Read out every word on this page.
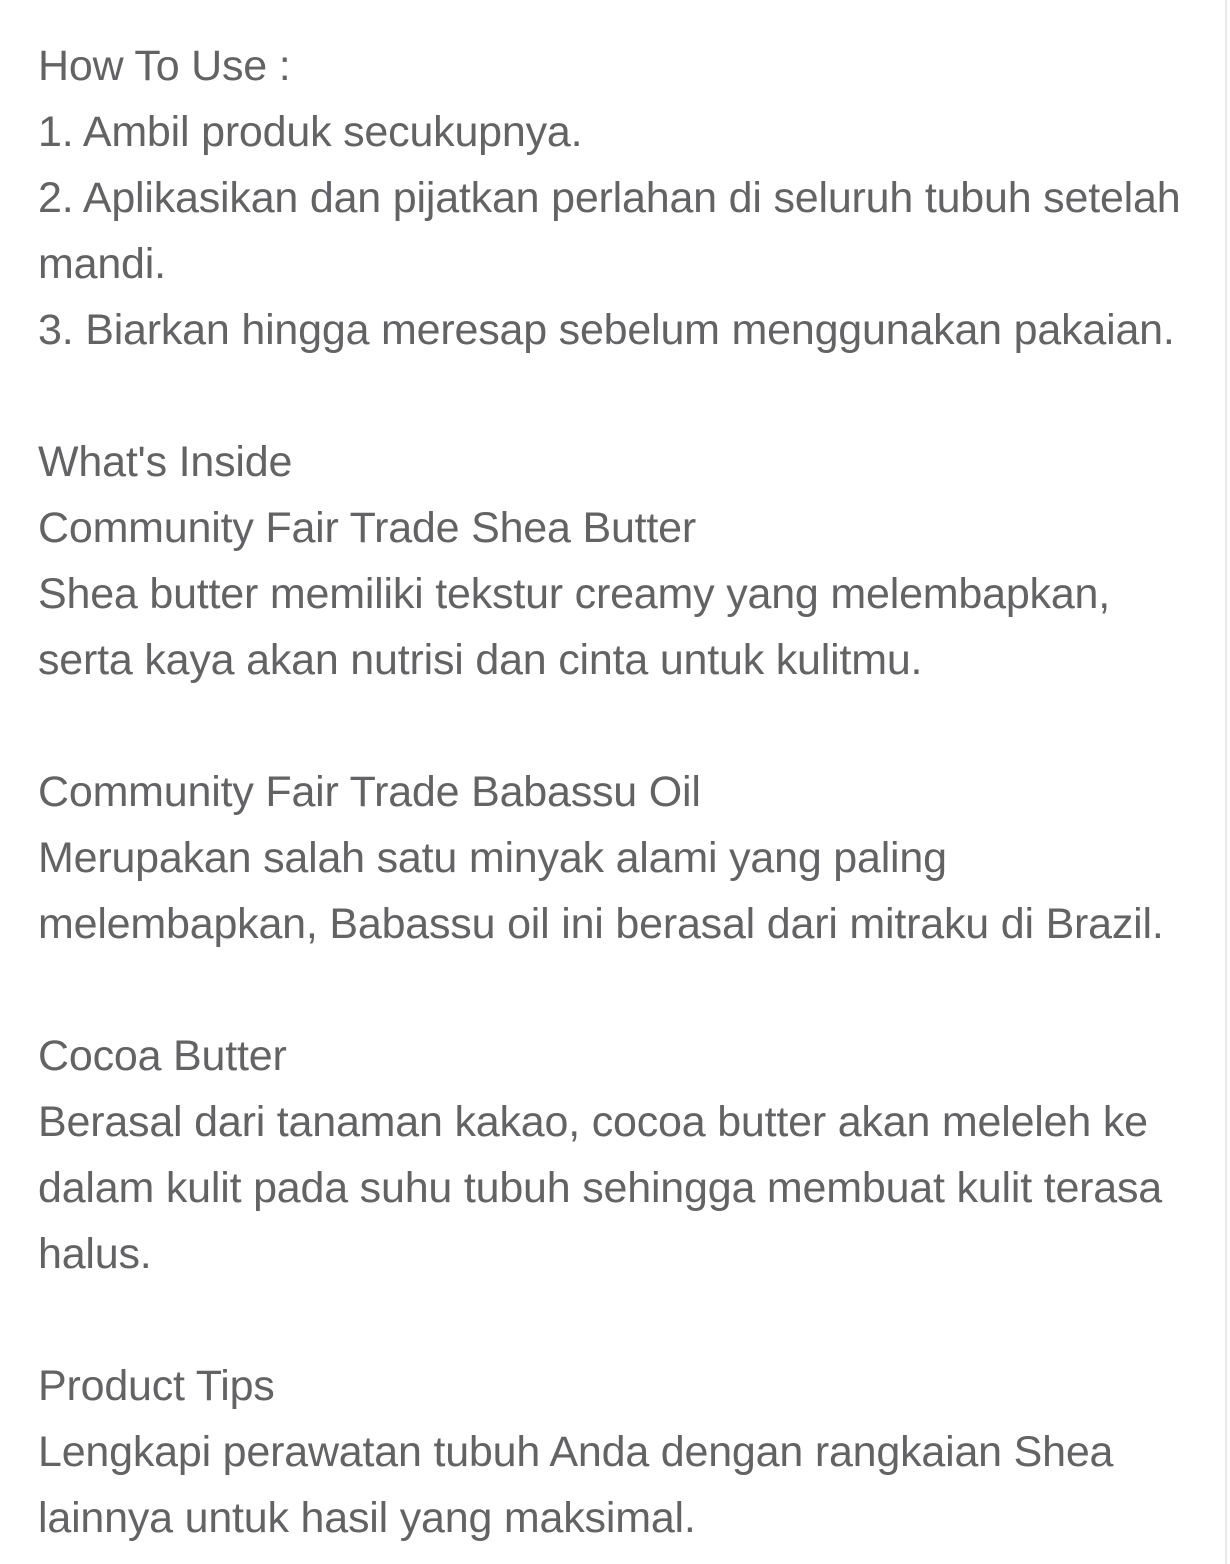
How To Use :
1. Ambil produk secukupnya.
2. Aplikasikan dan pijatkan perlahan di seluruh tubuh setelah
mandi.
3. Biarkan hingga meresap sebelum menggunakan pakaian.
What's Inside
Community Fair Trade Shea Butter
Shea butter memiliki tekstur creamy yang melembapkan,
serta kaya akan nutrisi dan cinta untuk kulitmu.
Community Fair Trade Babassu Oil
Merupakan salah satu minyak alami yang paling
melembapkan, Babassu oil ini berasal dari mitraku di Brazil.
Cocoa Butter
Berasal dari tanaman kakao, cocoa butter akan meleleh ke
dalam kulit pada suhu tubuh sehingga membuat kulit terasa
halus.
Product Tips
Lengkapi perawatan tubuh Anda dengan rangkaian Shea
lainnya untuk hasil yang maksimal.
